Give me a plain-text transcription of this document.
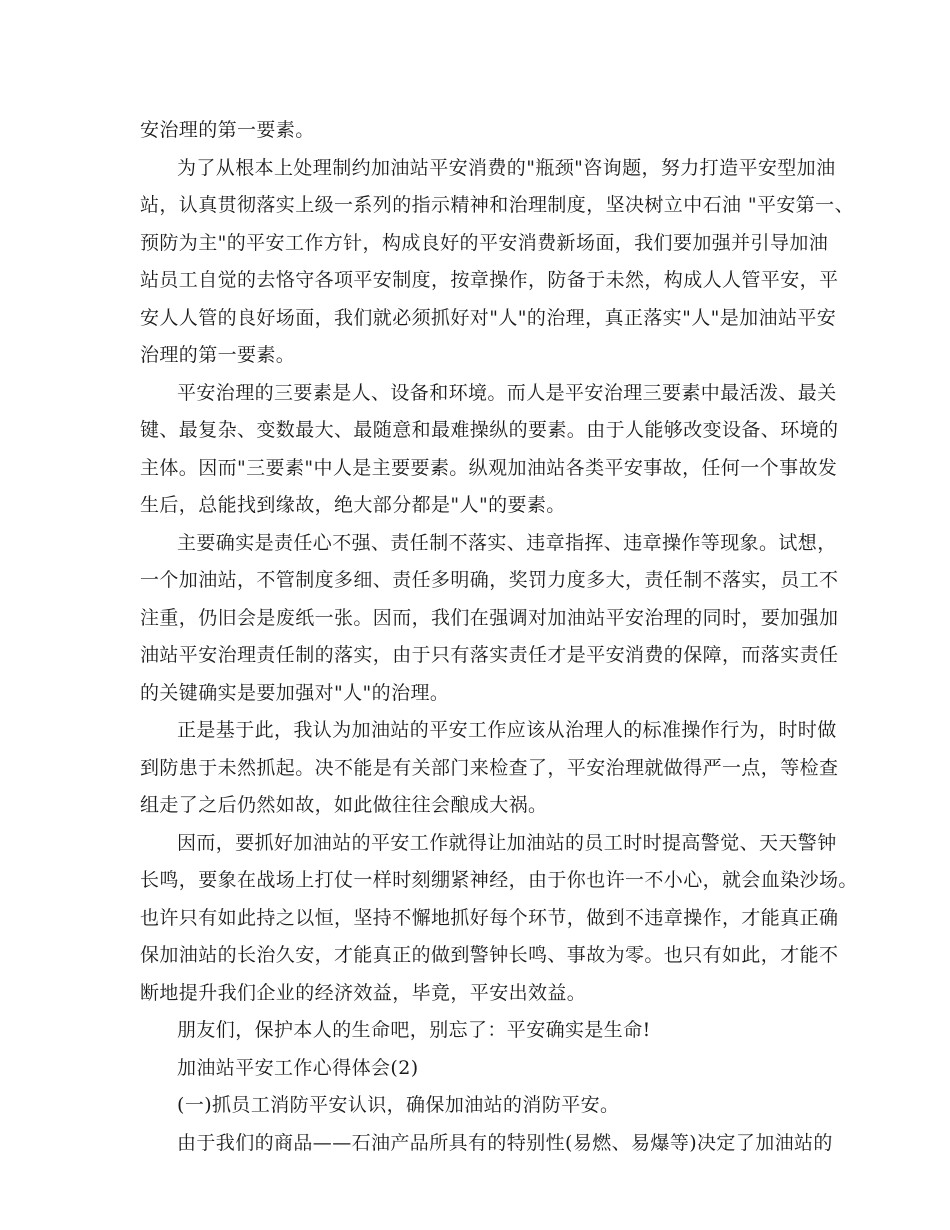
安治理的第一要素。
为了从根本上处理制约加油站平安消费的"瓶颈"咨询题，努力打造平安型加油
站，认真贯彻落实上级一系列的指示精神和治理制度，坚决树立中石油 "平安第一、
预防为主"的平安工作方针，构成良好的平安消费新场面，我们要加强并引导加油
站员工自觉的去恪守各项平安制度，按章操作，防备于未然，构成人人管平安，平
安人人管的良好场面，我们就必须抓好对"人"的治理，真正落实"人"是加油站平安
治理的第一要素。
平安治理的三要素是人、设备和环境。而人是平安治理三要素中最活泼、最关
键、最复杂、变数最大、最随意和最难操纵的要素。由于人能够改变设备、环境的
主体。因而"三要素"中人是主要要素。纵观加油站各类平安事故，任何一个事故发
生后，总能找到缘故，绝大部分都是"人"的要素。
主要确实是责任心不强、责任制不落实、违章指挥、违章操作等现象。试想，
一个加油站，不管制度多细、责任多明确，奖罚力度多大，责任制不落实，员工不
注重，仍旧会是废纸一张。因而，我们在强调对加油站平安治理的同时，要加强加
油站平安治理责任制的落实，由于只有落实责任才是平安消费的保障，而落实责任
的关键确实是要加强对"人"的治理。
正是基于此，我认为加油站的平安工作应该从治理人的标准操作行为，时时做
到防患于未然抓起。决不能是有关部门来检查了，平安治理就做得严一点，等检查
组走了之后仍然如故，如此做往往会酿成大祸。
因而，要抓好加油站的平安工作就得让加油站的员工时时提高警觉、天天警钟
长鸣，要象在战场上打仗一样时刻绷紧神经，由于你也许一不小心，就会血染沙场。
也许只有如此持之以恒，坚持不懈地抓好每个环节，做到不违章操作，才能真正确
保加油站的长治久安，才能真正的做到警钟长鸣、事故为零。也只有如此，才能不
断地提升我们企业的经济效益，毕竟，平安出效益。
朋友们，保护本人的生命吧，别忘了：平安确实是生命!
加油站平安工作心得体会(2)
(一)抓员工消防平安认识，确保加油站的消防平安。
由于我们的商品——石油产品所具有的特别性(易燃、易爆等)决定了加油站的
